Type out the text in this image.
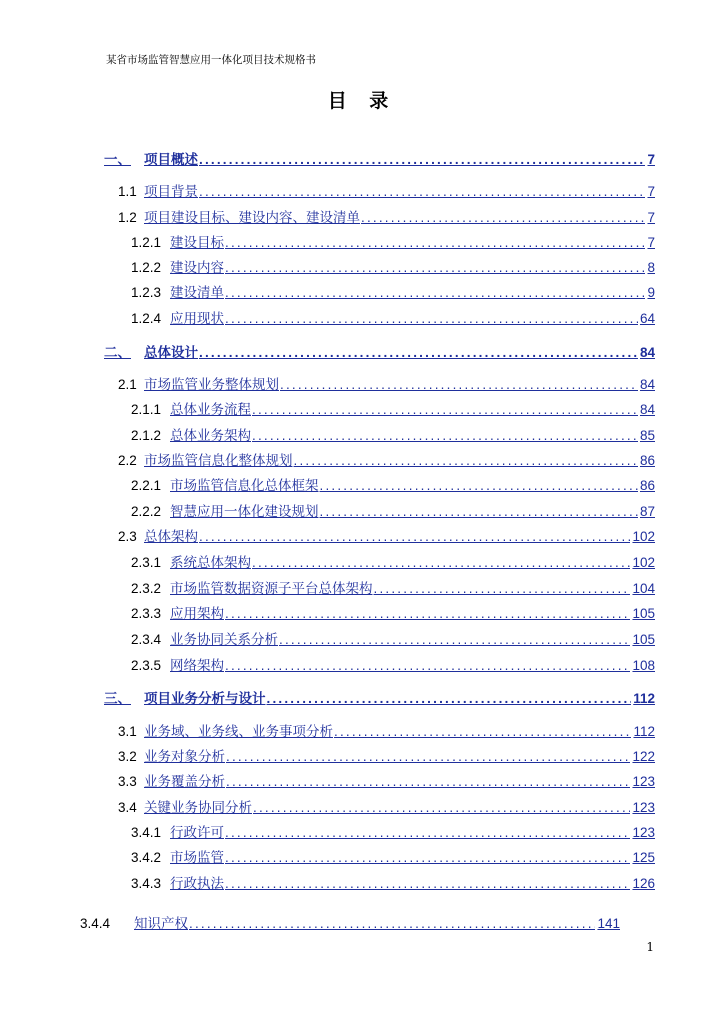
某省市场监管智慧应用一体化项目技术规格书
目 录
一、 项目概述 .....	7
1.1 项目背景 .....	7
1.2 项目建设目标、建设内容、建设清单 .....	7
1.2.1 建设目标 .....	7
1.2.2 建设内容 .....	8
1.2.3 建设清单 .....	9
1.2.4 应用现状 .....	64
二、 总体设计 .....	84
2.1 市场监管业务整体规划 .....	84
2.1.1 总体业务流程 .....	84
2.1.2 总体业务架构 .....	85
2.2 市场监管信息化整体规划 .....	86
2.2.1 市场监管信息化总体框架 .....	86
2.2.2 智慧应用一体化建设规划 .....	87
2.3 总体架构 .....	102
2.3.1 系统总体架构 .....	102
2.3.2 市场监管数据资源子平台总体架构 .....	104
2.3.3 应用架构 .....	105
2.3.4 业务协同关系分析 .....	105
2.3.5 网络架构 .....	108
三、 项目业务分析与设计 .....	112
3.1 业务域、业务线、业务事项分析 .....	112
3.2 业务对象分析 .....	122
3.3 业务覆盖分析 .....	123
3.4 关键业务协同分析 .....	123
3.4.1 行政许可 .....	123
3.4.2 市场监管 .....	125
3.4.3 行政执法 .....	126
3.4.4	知识产权 .....	141
1
